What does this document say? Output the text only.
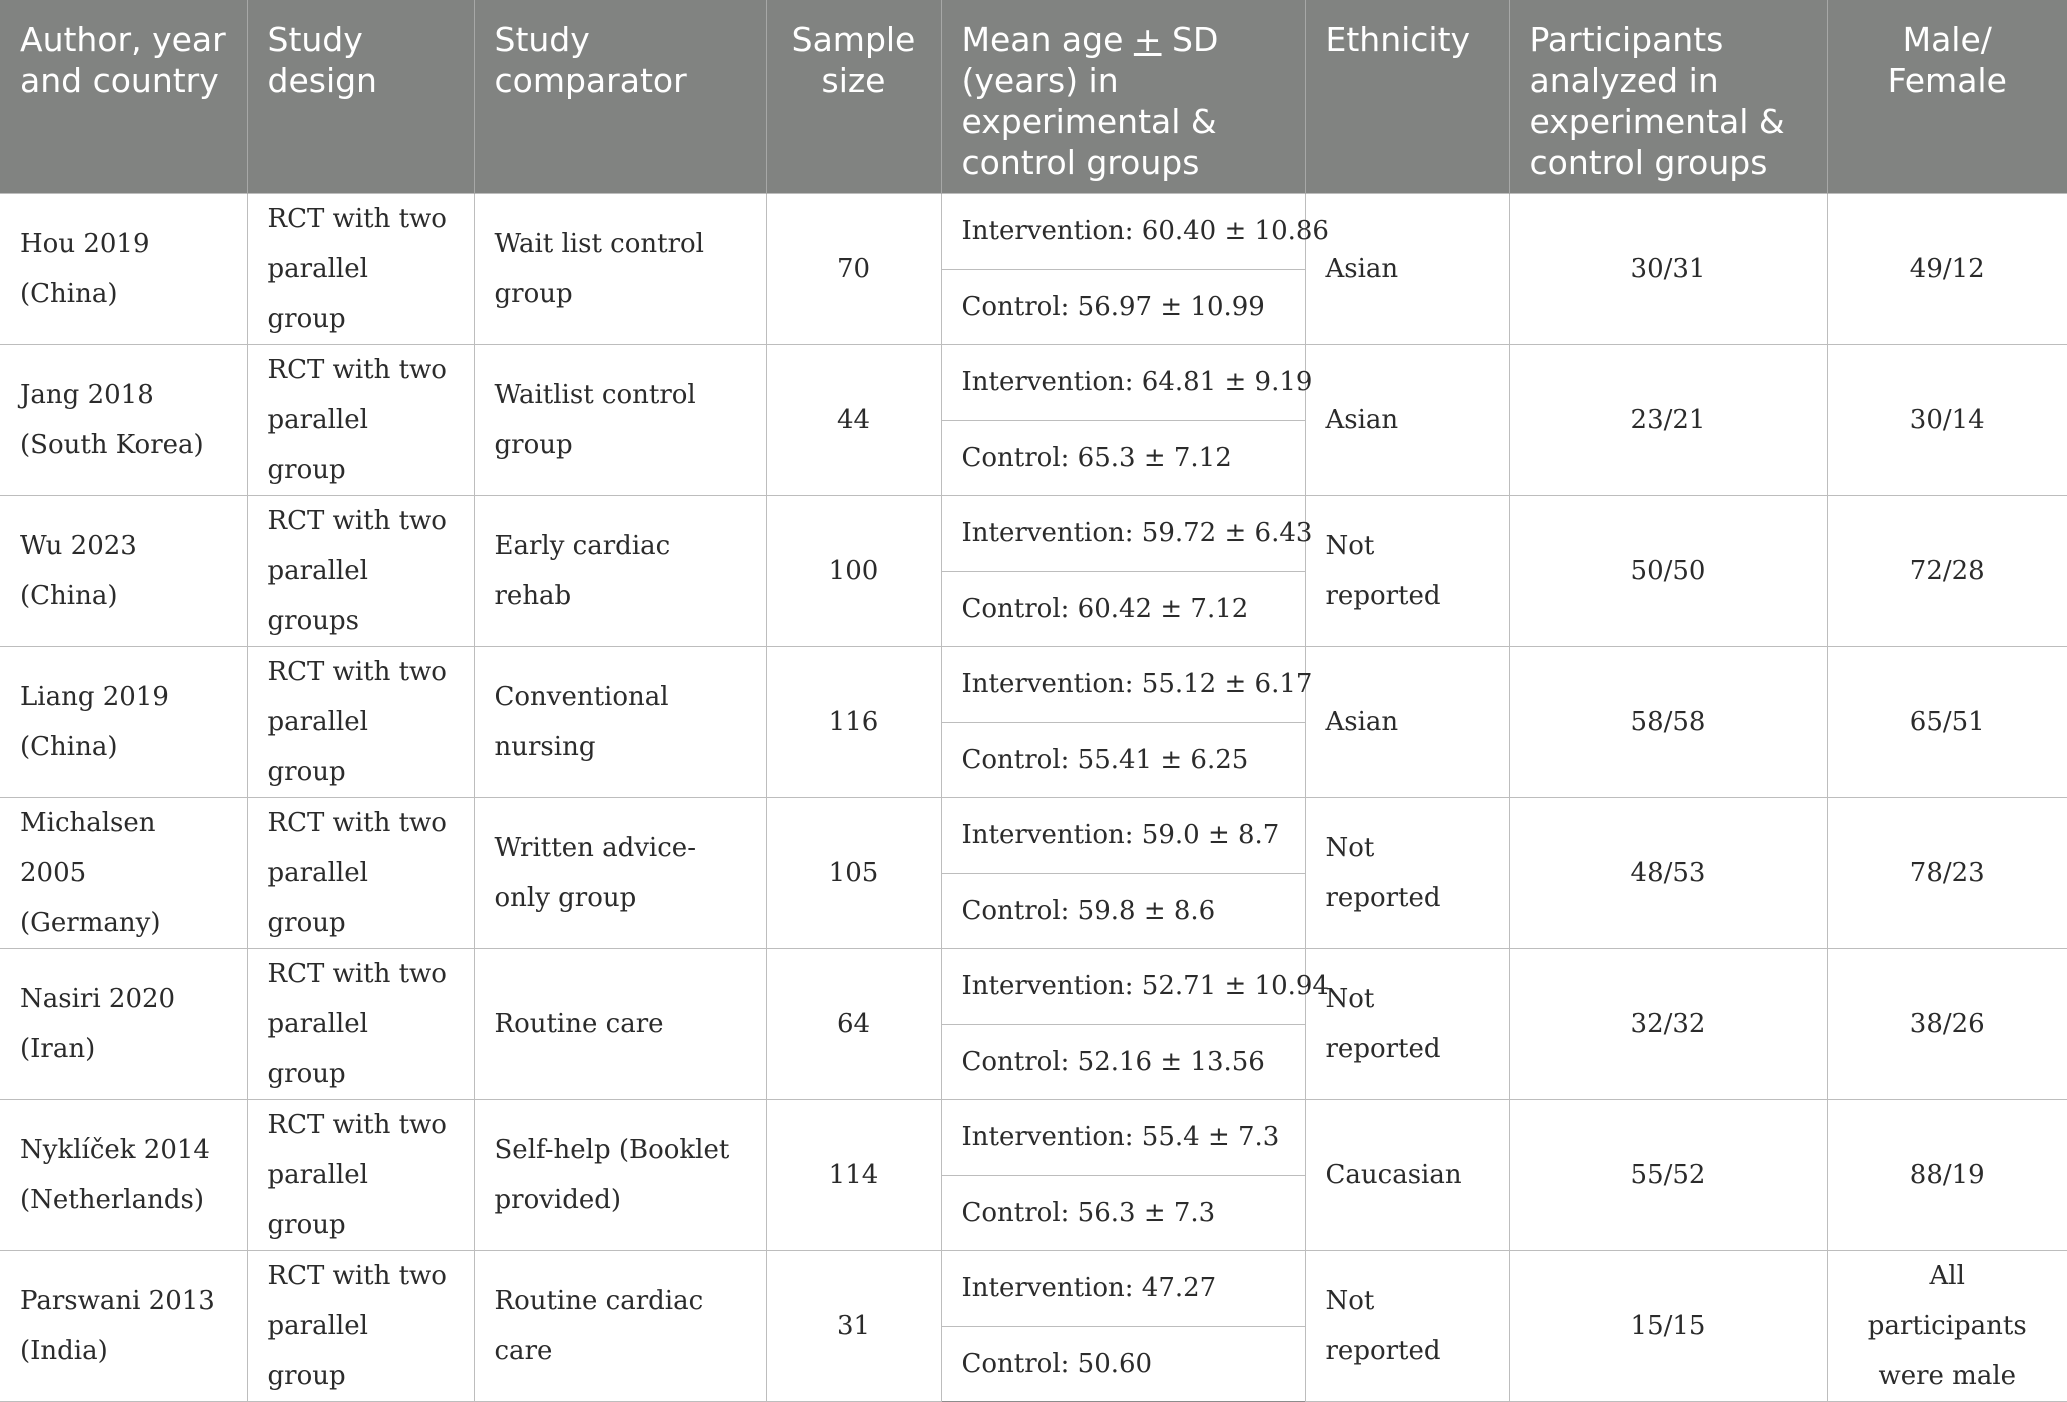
Author, year and country	Study design	Study comparator	Sample size	Mean age + SD (years) in experimental & control groups	Ethnicity	Participants analyzed in experimental & control groups	Male/ Female
Hou 2019 (China)	RCT with two parallel group	Wait list control group	70	Intervention: 60.40 ± 10.86	Asian	30/31	49/12
				Control: 56.97 ± 10.99			
Jang 2018 (South Korea)	RCT with two parallel group	Waitlist control group	44	Intervention: 64.81 ± 9.19	Asian	23/21	30/14
				Control: 65.3 ± 7.12			
Wu 2023 (China)	RCT with two parallel groups	Early cardiac rehab	100	Intervention: 59.72 ± 6.43	Not reported	50/50	72/28
				Control: 60.42 ± 7.12			
Liang 2019 (China)	RCT with two parallel group	Conventional nursing	116	Intervention: 55.12 ± 6.17	Asian	58/58	65/51
				Control: 55.41 ± 6.25			
Michalsen 2005 (Germany)	RCT with two parallel group	Written advice-only group	105	Intervention: 59.0 ± 8.7	Not reported	48/53	78/23
				Control: 59.8 ± 8.6			
Nasiri 2020 (Iran)	RCT with two parallel group	Routine care	64	Intervention: 52.71 ± 10.94	Not reported	32/32	38/26
				Control: 52.16 ± 13.56			
Nyklíček 2014 (Netherlands)	RCT with two parallel group	Self-help (Booklet provided)	114	Intervention: 55.4 ± 7.3	Caucasian	55/52	88/19
				Control: 56.3 ± 7.3			
Parswani 2013 (India)	RCT with two parallel group	Routine cardiac care	31	Intervention: 47.27	Not reported	15/15	All participants were male
				Control: 50.60			
